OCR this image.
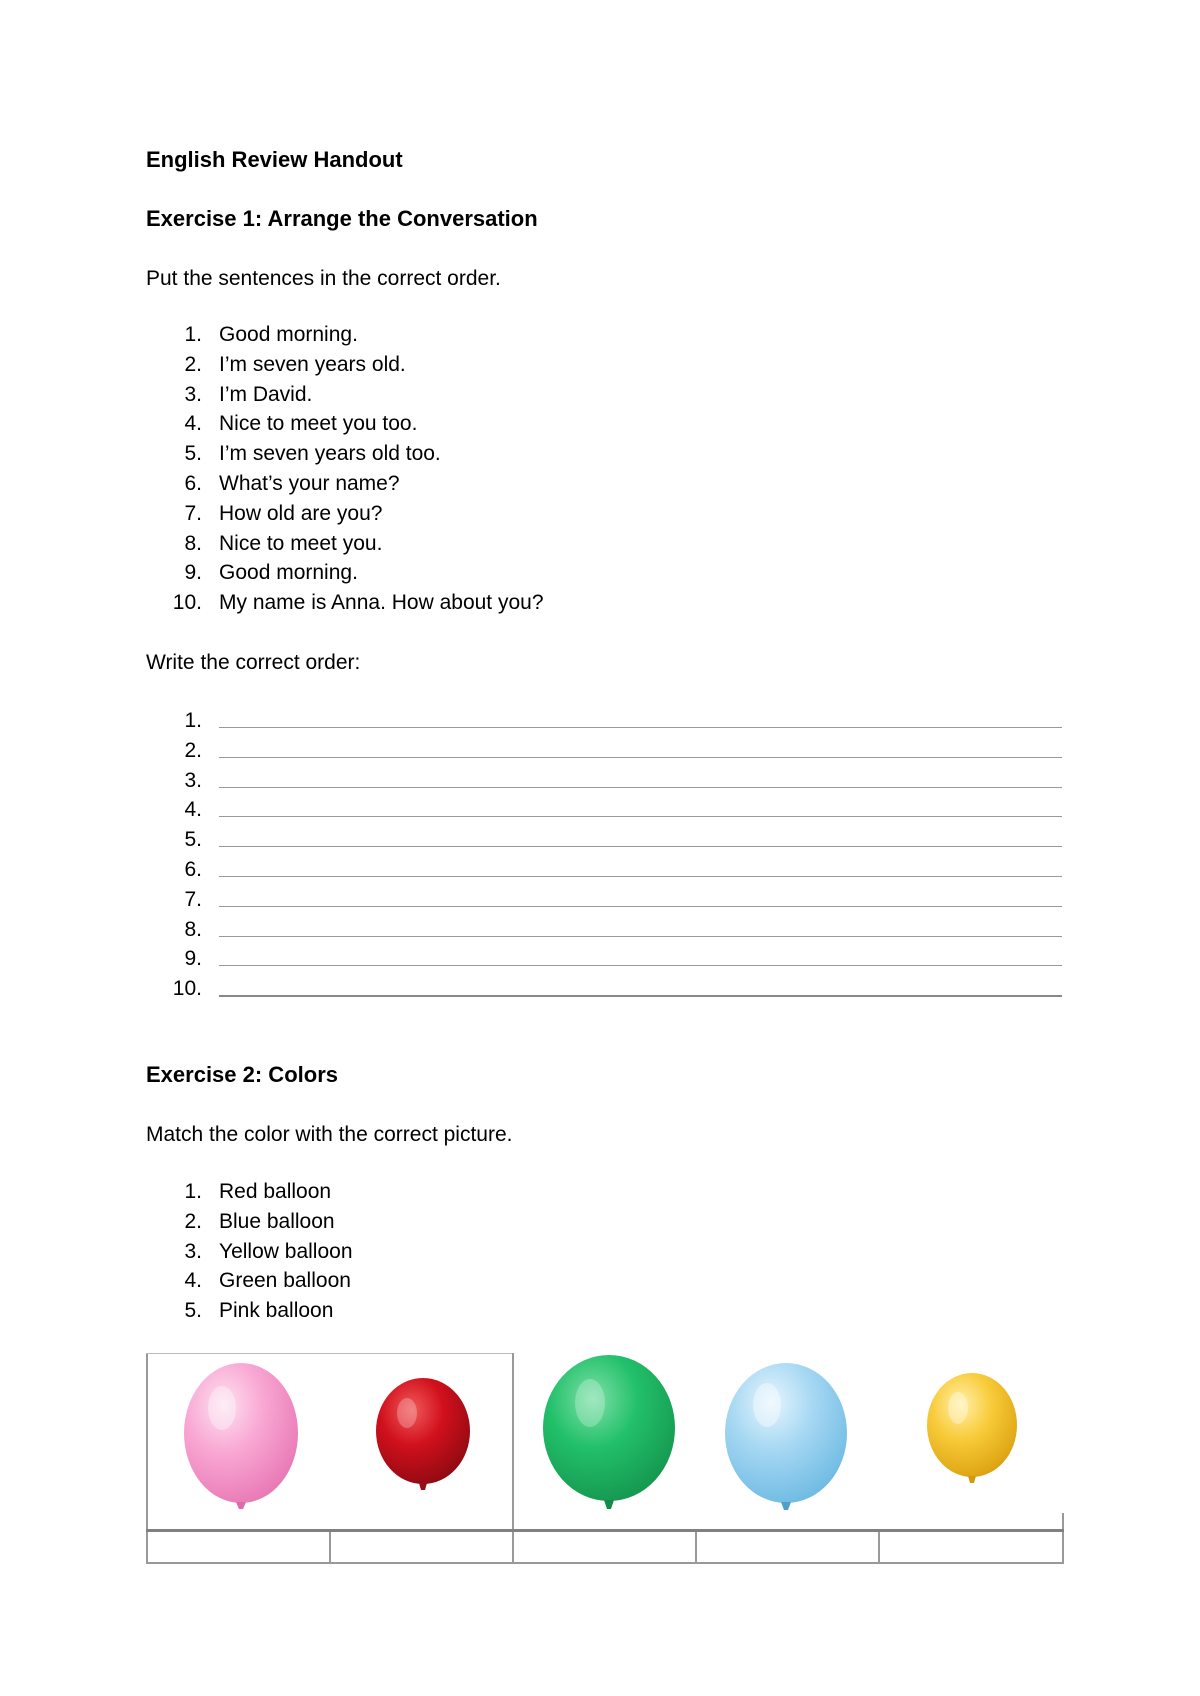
English Review Handout
Exercise 1: Arrange the Conversation

Put the sentences in the correct order.

1. Good morning.
2. I’m seven years old.
3. I’m David.
4. Nice to meet you too.
5. I’m seven years old too.
6. What’s your name?
7. How old are you?
8. Nice to meet you.
9. Good morning.
10. My name is Anna. How about you?

Write the correct order:

1.
2.
3.
4.
5.
6.
7.
8.
9.
10.
Exercise 2: Colors

Match the color with the correct picture.

1. Red balloon
2. Blue balloon
3. Yellow balloon
4. Green balloon
5. Pink balloon
